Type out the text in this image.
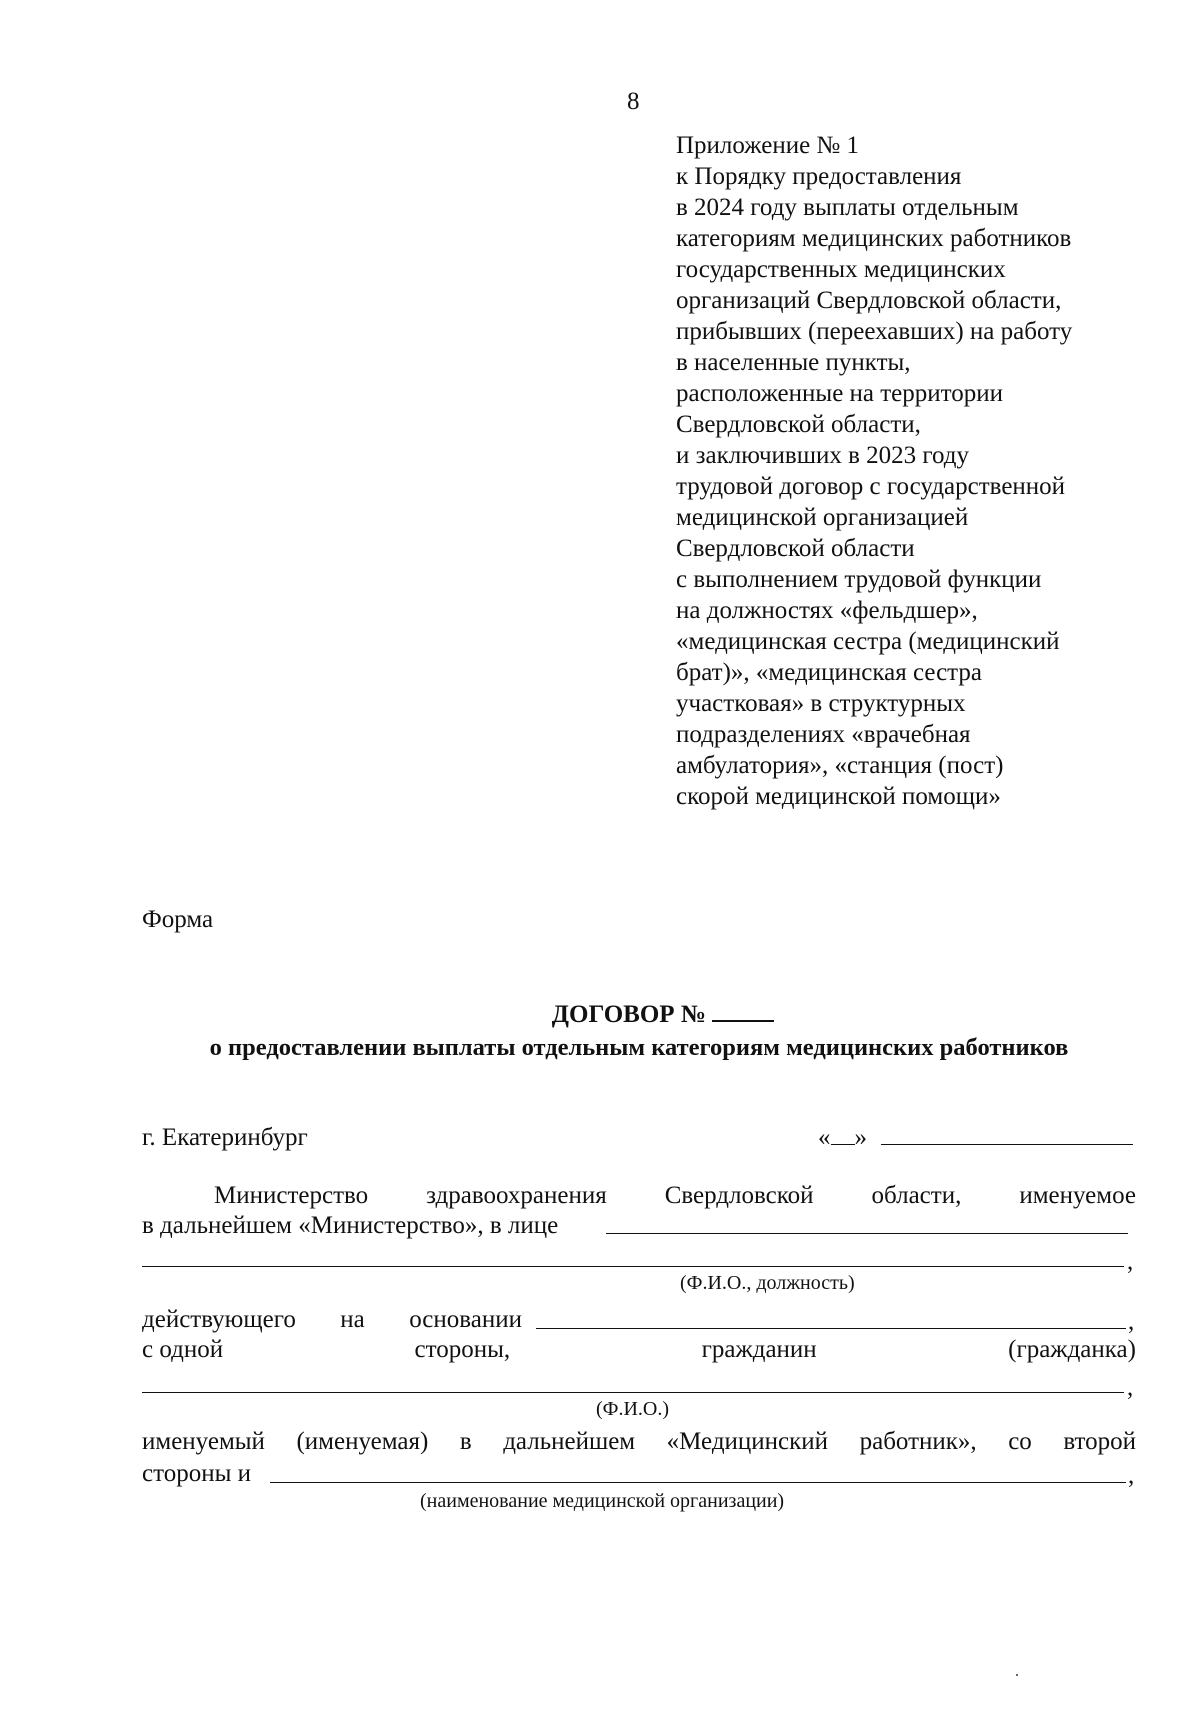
8
Приложение № 1
к Порядку предоставления
в 2024 году выплаты отдельным
категориям медицинских работников
государственных медицинских
организаций Свердловской области,
прибывших (переехавших) на работу
в населенные пункты,
расположенные на территории
Свердловской области,
и заключивших в 2023 году
трудовой договор с государственной
медицинской организацией
Свердловской области
с выполнением трудовой функции
на должностях «фельдшер»,
«медицинская сестра (медицинский
брат)», «медицинская сестра
участковая» в структурных
подразделениях «врачебная
амбулатория», «станция (пост)
скорой медицинской помощи»
Форма
ДОГОВОР №
о предоставлении выплаты отдельным категориям медицинских работников
г. Екатеринбург	« »
Министерство здравоохранения Свердловской области, именуемое
в дальнейшем «Министерство», в лице
,
(Ф.И.О., должность)
действующего на основании	,
с одной	стороны,	гражданин	(гражданка)
,
(Ф.И.О.)
именуемый (именуемая) в дальнейшем «Медицинский работник», со второй
стороны и	,
(наименование медицинской организации)
